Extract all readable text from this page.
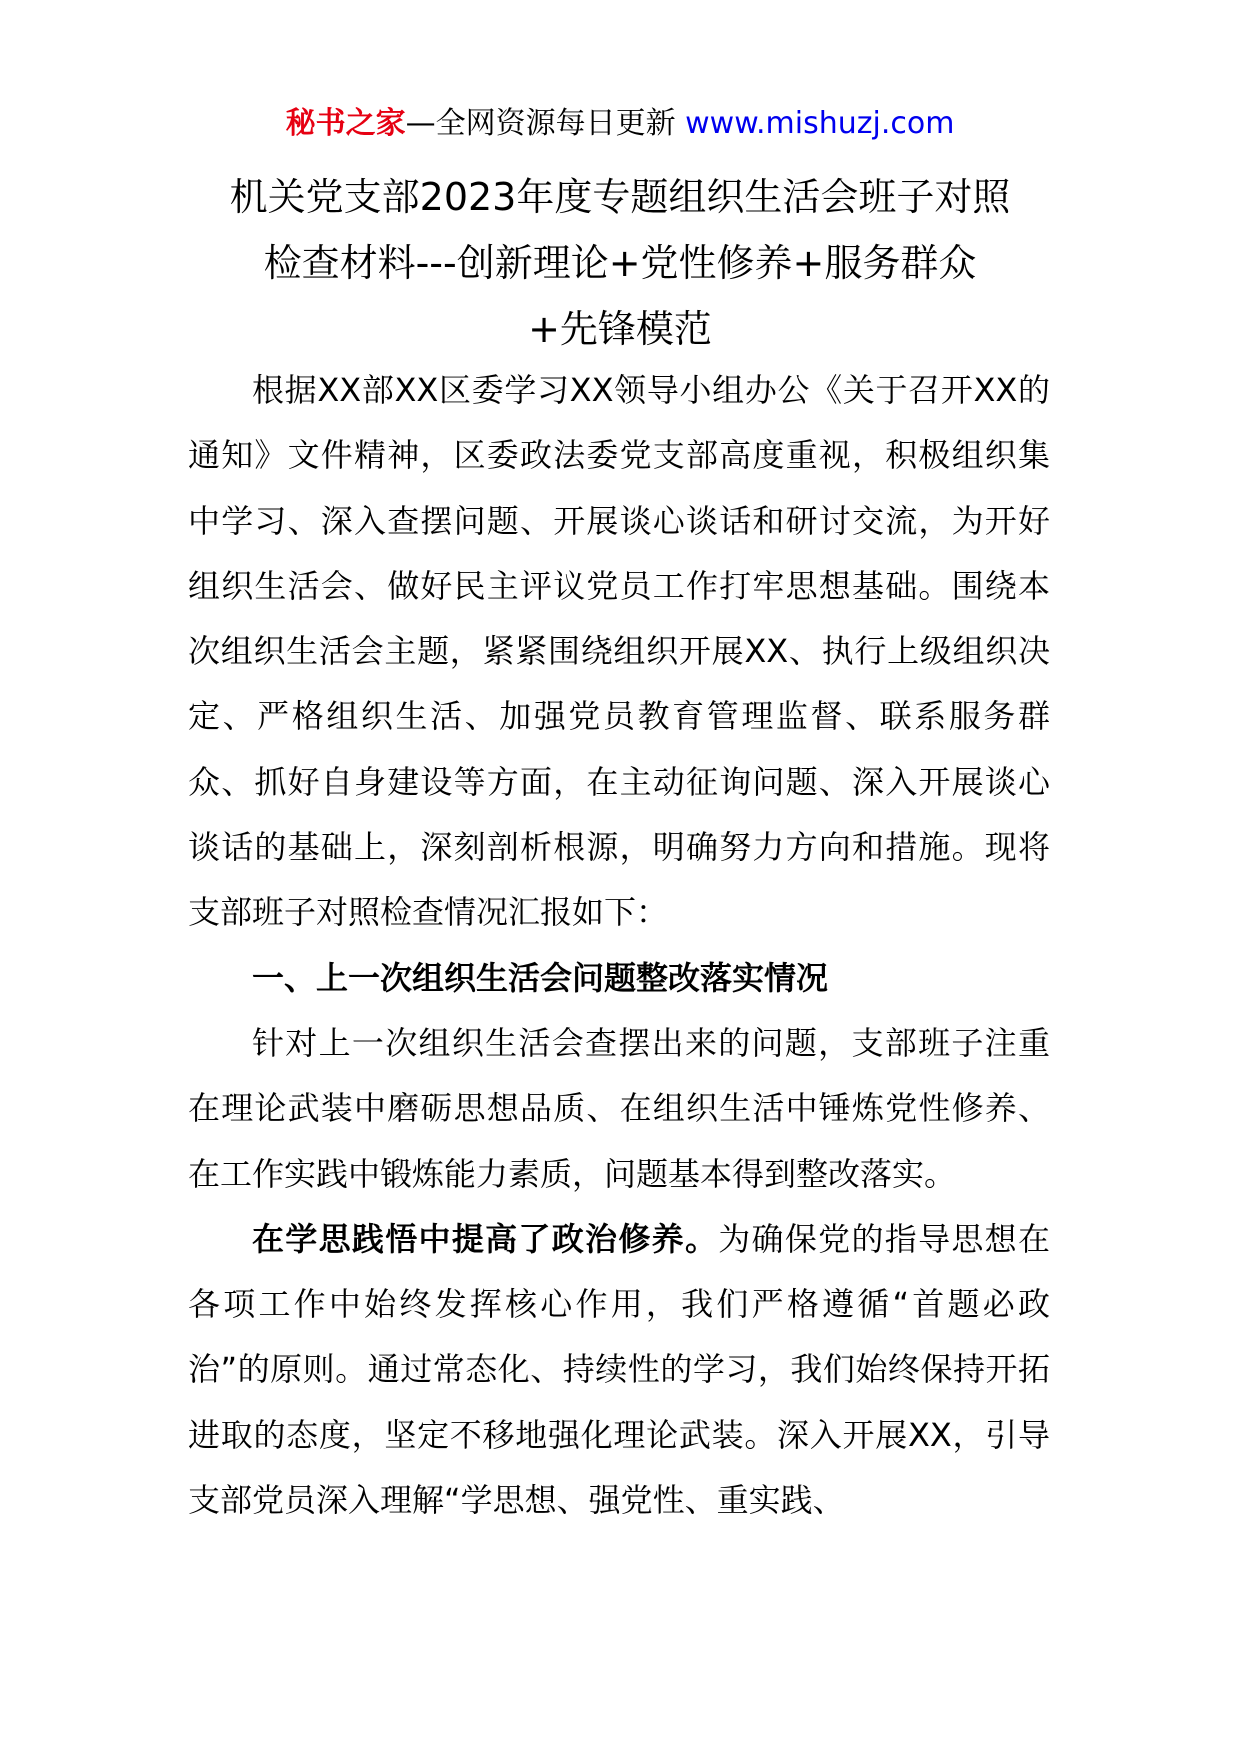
秘书之家—全网资源每日更新 www.mishuzj.com
机关党支部2023年度专题组织生活会班子对照
检查材料---创新理论+党性修养+服务群众
+先锋模范

根据XX部XX区委学习XX领导小组办公《关于召开XX的通知》文件精神，区委政法委党支部高度重视，积极组织集中学习、深入查摆问题、开展谈心谈话和研讨交流，为开好组织生活会、做好民主评议党员工作打牢思想基础。围绕本次组织生活会主题，紧紧围绕组织开展XX、执行上级组织决定、严格组织生活、加强党员教育管理监督、联系服务群众、抓好自身建设等方面，在主动征询问题、深入开展谈心谈话的基础上，深刻剖析根源，明确努力方向和措施。现将支部班子对照检查情况汇报如下：

一、上一次组织生活会问题整改落实情况

针对上一次组织生活会查摆出来的问题，支部班子注重在理论武装中磨砺思想品质、在组织生活中锤炼党性修养、在工作实践中锻炼能力素质，问题基本得到整改落实。

在学思践悟中提高了政治修养。为确保党的指导思想在各项工作中始终发挥核心作用，我们严格遵循“首题必政治”的原则。通过常态化、持续性的学习，我们始终保持开拓进取的态度，坚定不移地强化理论武装。深入开展XX，引导支部党员深入理解“学思想、强党性、重实践、
